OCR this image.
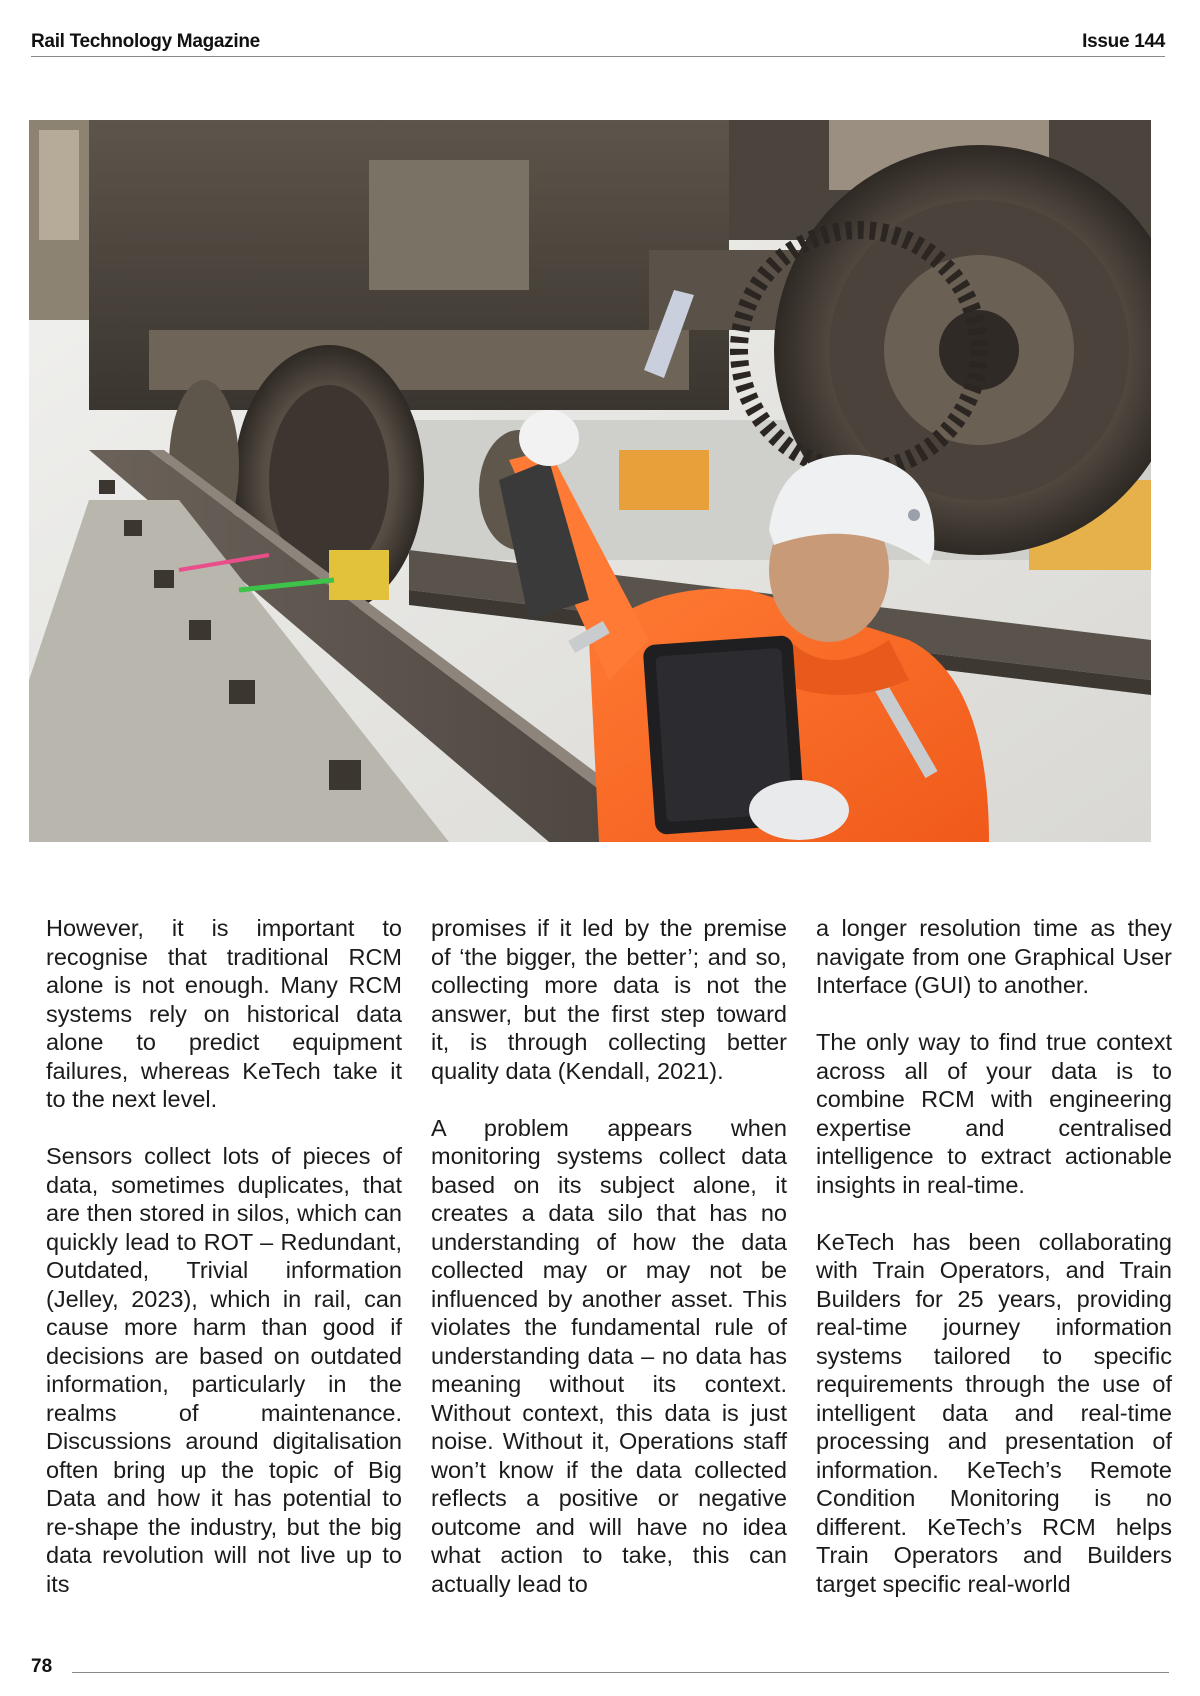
Rail Technology Magazine	Issue 144

However, it is important to recognise that traditional RCM alone is not enough. Many RCM systems rely on historical data alone to predict equipment failures, whereas KeTech take it to the next level.

Sensors collect lots of pieces of data, sometimes duplicates, that are then stored in silos, which can quickly lead to ROT – Redundant, Outdated, Trivial information (Jelley, 2023), which in rail, can cause more harm than good if decisions are based on outdated information, particularly in the realms of maintenance. Discussions around digitalisation often bring up the topic of Big Data and how it has potential to re-shape the industry, but the big data revolution will not live up to its

promises if it led by the premise of ‘the bigger, the better’; and so, collecting more data is not the answer, but the first step toward it, is through collecting better quality data (Kendall, 2021).

A problem appears when monitoring systems collect data based on its subject alone, it creates a data silo that has no understanding of how the data collected may or may not be influenced by another asset. This violates the fundamental rule of understanding data – no data has meaning without its context. Without context, this data is just noise. Without it, Operations staff won’t know if the data collected reflects a positive or negative outcome and will have no idea what action to take, this can actually lead to

a longer resolution time as they navigate from one Graphical User Interface (GUI) to another.

The only way to find true context across all of your data is to combine RCM with engineering expertise and centralised intelligence to extract actionable insights in real-time.

KeTech has been collaborating with Train Operators, and Train Builders for 25 years, providing real-time journey information systems tailored to specific requirements through the use of intelligent data and real-time processing and presentation of information. KeTech’s Remote Condition Monitoring is no different. KeTech’s RCM helps Train Operators and Builders target specific real-world

78
